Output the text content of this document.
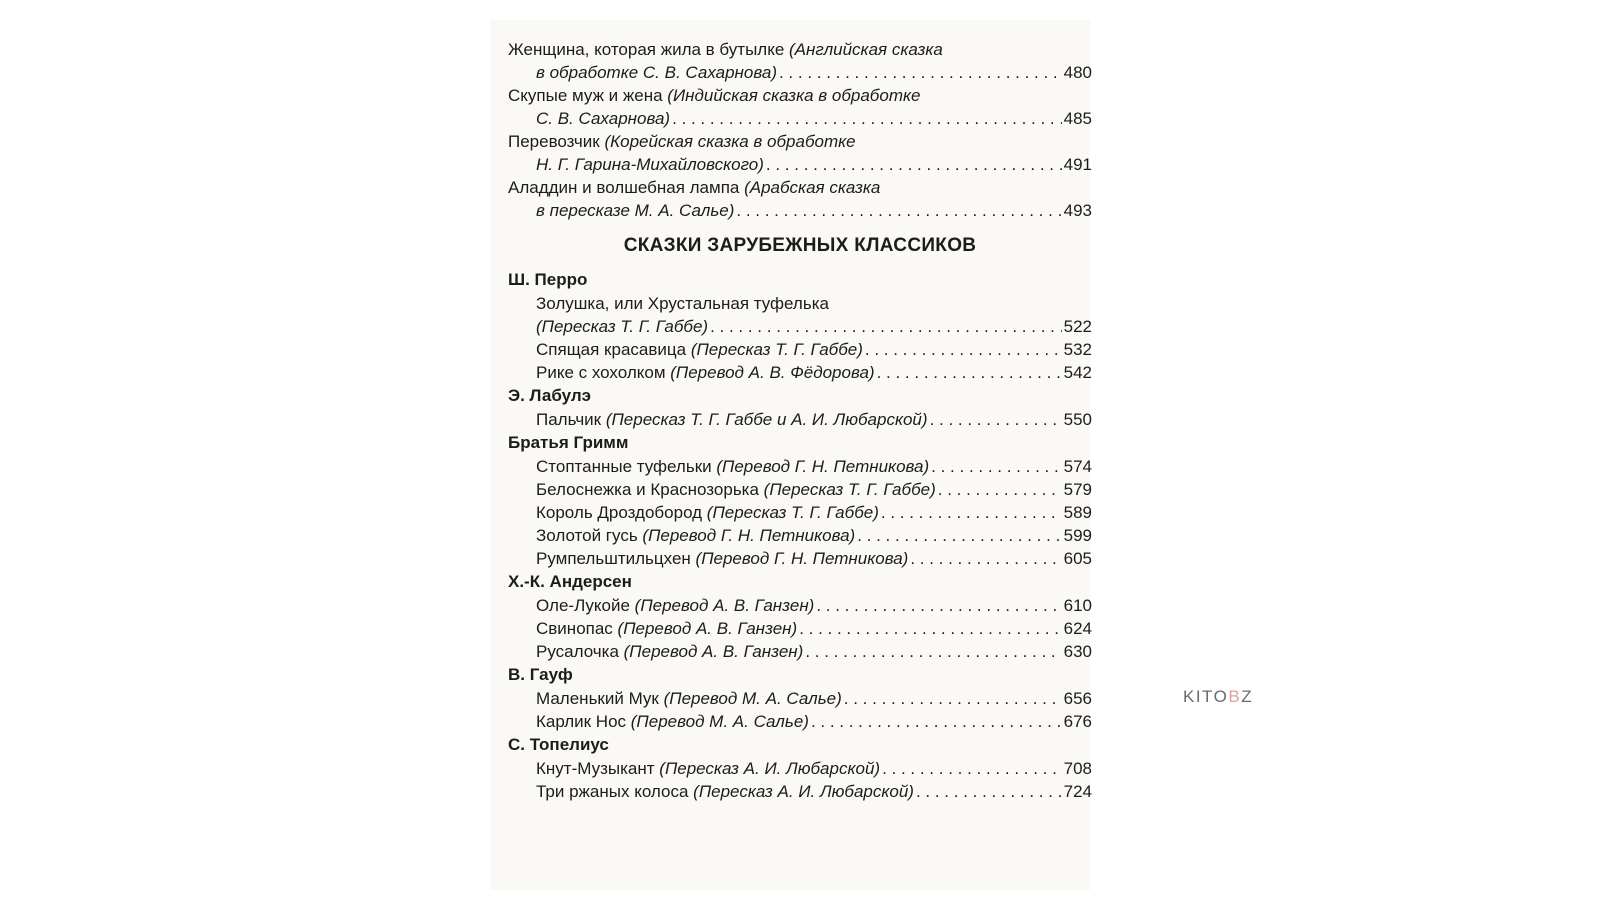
Женщина, которая жила в бутылке (Английская сказка
в обработке С. В. Сахарнова) . . .	480
Скупые муж и жена (Индийская сказка в обработке
С. В. Сахарнова) . . .	485
Перевозчик (Корейская сказка в обработке
Н. Г. Гарина-Михайловского) . . .	491
Аладдин и волшебная лампа (Арабская сказка
в пересказе М. А. Салье) . . .	493
СКАЗКИ ЗАРУБЕЖНЫХ КЛАССИКОВ
Ш. Перро
Золушка, или Хрустальная туфелька
(Пересказ Т. Г. Габбе) . . .	522
Спящая красавица (Пересказ Т. Г. Габбе) . . .	532
Рике с хохолком (Перевод А. В. Фёдорова) . . .	542
Э. Лабулэ
Пальчик (Пересказ Т. Г. Габбе и А. И. Любарской) . . .	550
Братья Гримм
Стоптанные туфельки (Перевод Г. Н. Петникова) . . .	574
Белоснежка и Краснозорька (Пересказ Т. Г. Габбе) . . .	579
Король Дроздобород (Пересказ Т. Г. Габбе) . . .	589
Золотой гусь (Перевод Г. Н. Петникова) . . .	599
Румпельштильцхен (Перевод Г. Н. Петникова) . . .	605
Х.-К. Андерсен
Оле-Лукойе (Перевод А. В. Ганзен) . . .	610
Свинопас (Перевод А. В. Ганзен) . . .	624
Русалочка (Перевод А. В. Ганзен) . . .	630
В. Гауф
Маленький Мук (Перевод М. А. Салье) . . .	656
Карлик Нос (Перевод М. А. Салье) . . .	676
С. Топелиус
Кнут-Музыкант (Пересказ А. И. Любарской) . . .	708
Три ржаных колоса (Пересказ А. И. Любарской) . . .	724
KITOBZ
